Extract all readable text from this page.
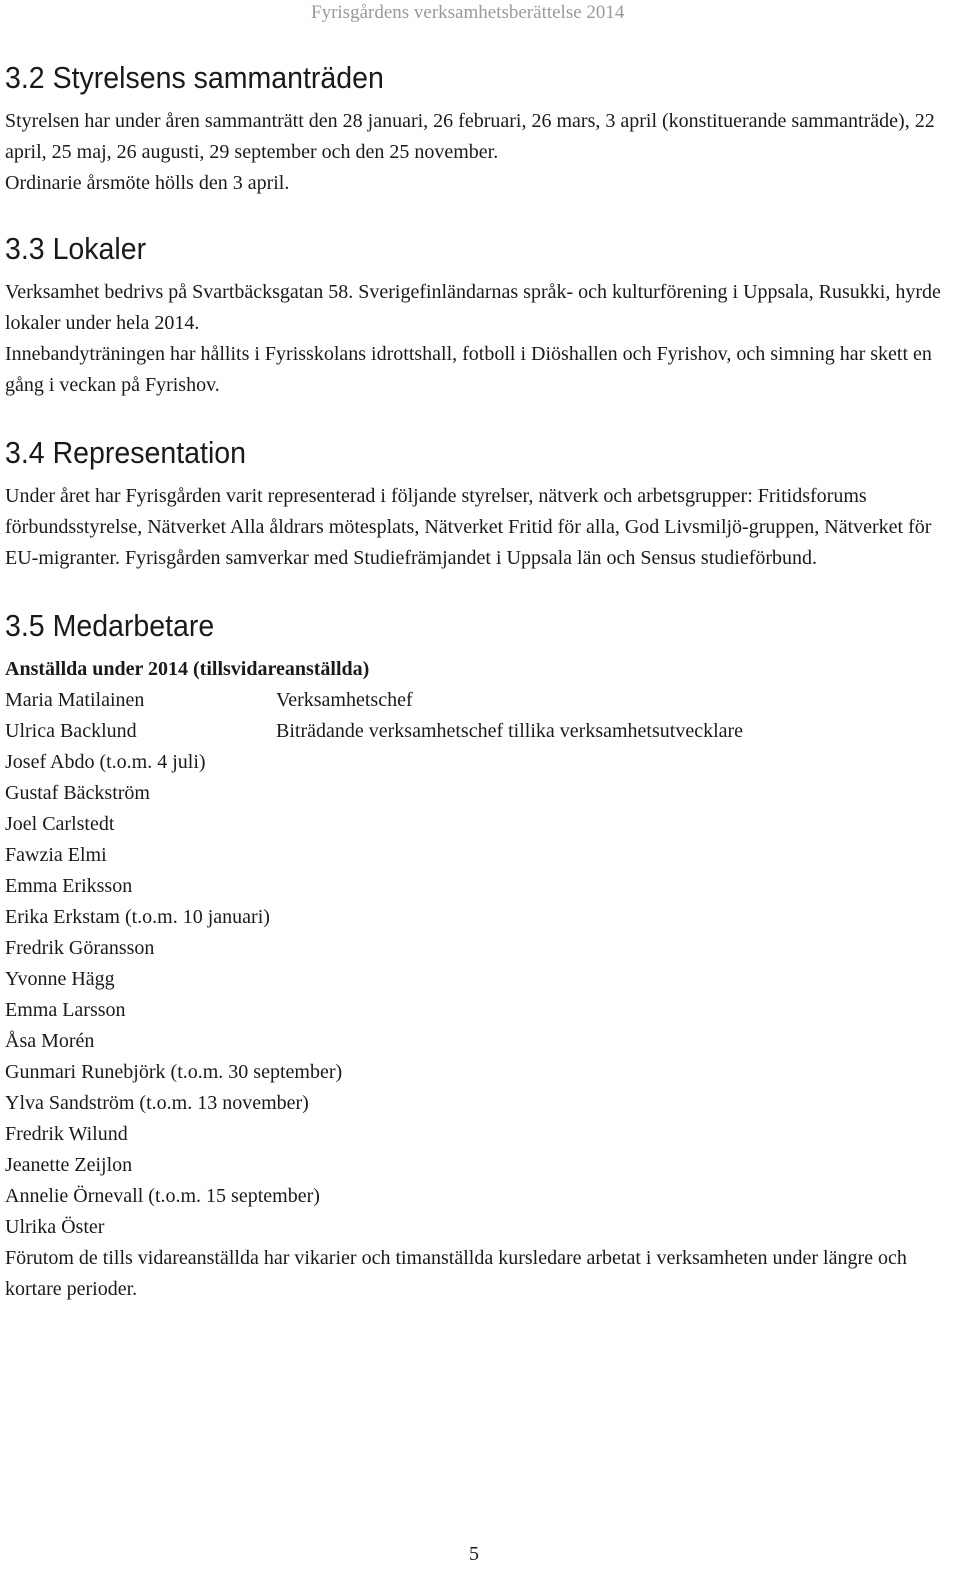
Fyrisgårdens verksamhetsberättelse 2014
3.2 Styrelsens sammanträden

Styrelsen har under åren sammanträtt den 28 januari, 26 februari, 26 mars, 3 april (konstituerande sammanträde), 22 april, 25 maj, 26 augusti, 29 september och den 25 november.

Ordinarie årsmöte hölls den 3 april.

3.3 Lokaler

Verksamhet bedrivs på Svartbäcksgatan 58. Sverigefinländarnas språk- och kulturförening i Uppsala, Rusukki, hyrde lokaler under hela 2014.

Innebandyträningen har hållits i Fyrisskolans idrottshall, fotboll i Diöshallen och Fyrishov, och simning har skett en gång i veckan på Fyrishov.

3.4 Representation

Under året har Fyrisgården varit representerad i följande styrelser, nätverk och arbetsgrupper: Fritidsforums förbundsstyrelse, Nätverket Alla åldrars mötesplats, Nätverket Fritid för alla, God Livsmiljö-gruppen, Nätverket för EU-migranter. Fyrisgården samverkar med Studiefrämjandet i Uppsala län och Sensus studieförbund.

3.5 Medarbetare
Anställda under 2014 (tillsvidareanställda)
Maria Matilainen	Verksamhetschef
Ulrica Backlund	Biträdande verksamhetschef tillika verksamhetsutvecklare
Josef Abdo (t.o.m. 4 juli)
Gustaf Bäckström
Joel Carlstedt
Fawzia Elmi
Emma Eriksson
Erika Erkstam (t.o.m. 10 januari)
Fredrik Göransson
Yvonne Hägg
Emma Larsson
Åsa Morén
Gunmari Runebjörk (t.o.m. 30 september)
Ylva Sandström (t.o.m. 13 november)
Fredrik Wilund
Jeanette Zeijlon
Annelie Örnevall (t.o.m. 15 september)
Ulrika Öster

Förutom de tills vidareanställda har vikarier och timanställda kursledare arbetat i verksamheten under längre och kortare perioder.

5
